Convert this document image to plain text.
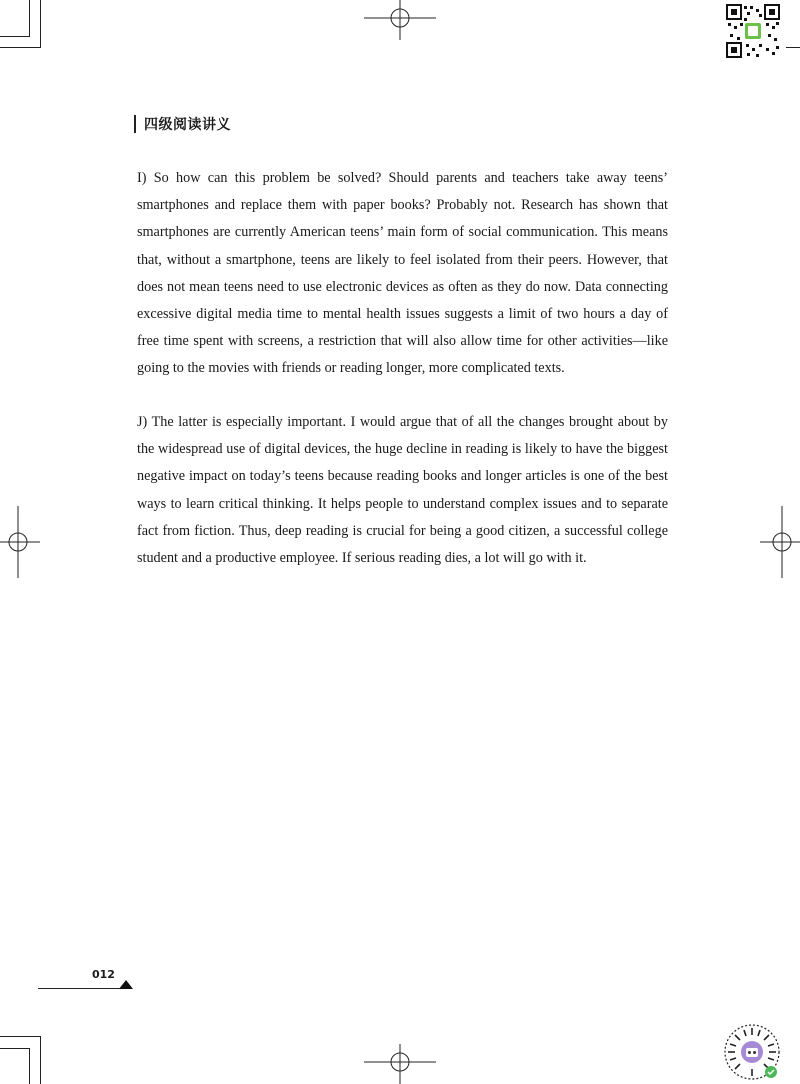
四级阅读讲义

I) So how can this problem be solved? Should parents and teachers take away teens’ smartphones and replace them with paper books? Probably not. Research has shown that smartphones are currently American teens’ main form of social communication. This means that, without a smartphone, teens are likely to feel isolated from their peers. However, that does not mean teens need to use electronic devices as often as they do now. Data connecting excessive digital media time to mental health issues suggests a limit of two hours a day of free time spent with screens, a restriction that will also allow time for other activities—like going to the movies with friends or reading longer, more complicated texts.

J) The latter is especially important. I would argue that of all the changes brought about by the widespread use of digital devices, the huge decline in reading is likely to have the biggest negative impact on today’s teens because reading books and longer articles is one of the best ways to learn critical thinking. It helps people to understand complex issues and to separate fact from fiction. Thus, deep reading is crucial for being a good citizen, a successful college student and a productive employee. If serious reading dies, a lot will go with it.

012
